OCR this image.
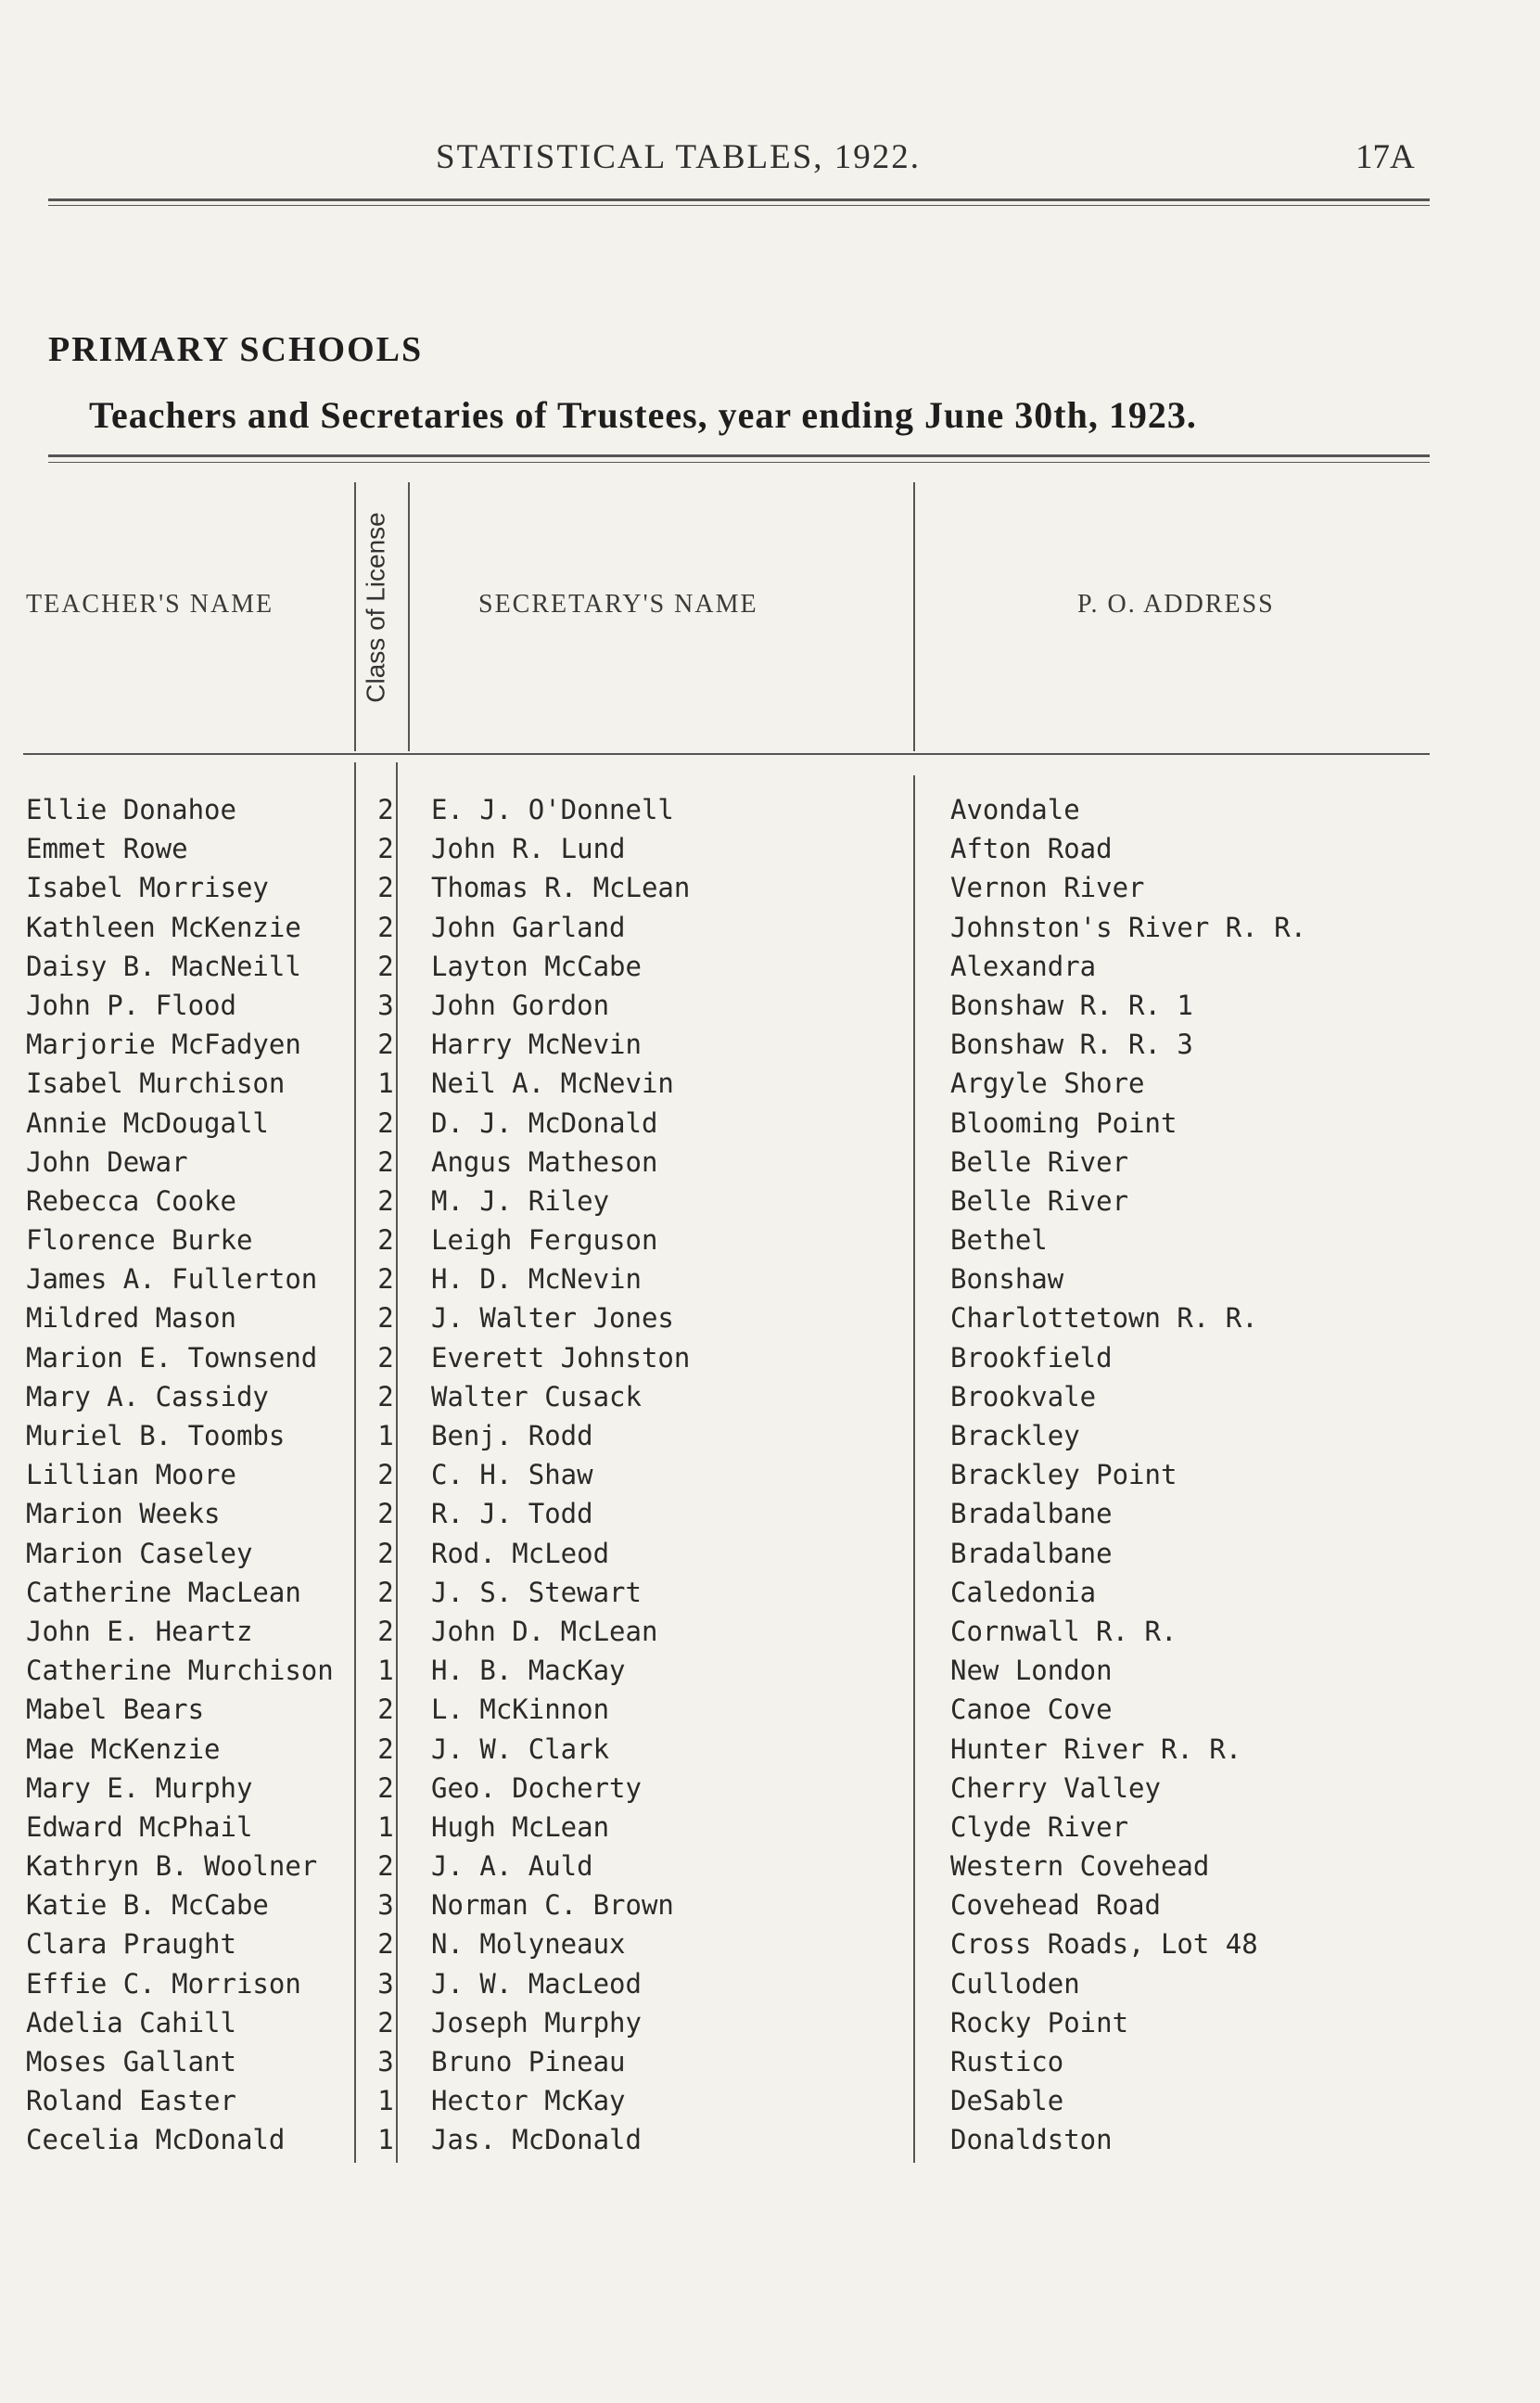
STATISTICAL TABLES, 1922.	17A
PRIMARY SCHOOLS
Teachers and Secretaries of Trustees, year ending June 30th, 1923.
TEACHER'S NAME	Class of License	SECRETARY'S NAME	P. O. ADDRESS
Ellie Donahoe	2	E. J. O'Donnell	Avondale
Emmet Rowe	2	John R. Lund	Afton Road
Isabel Morrisey	2	Thomas R. McLean	Vernon River
Kathleen McKenzie	2	John Garland	Johnston's River R. R.
Daisy B. MacNeill	2	Layton McCabe	Alexandra
John P. Flood	3	John Gordon	Bonshaw R. R. 1
Marjorie McFadyen	2	Harry McNevin	Bonshaw R. R. 3
Isabel Murchison	1	Neil A. McNevin	Argyle Shore
Annie McDougall	2	D. J. McDonald	Blooming Point
John Dewar	2	Angus Matheson	Belle River
Rebecca Cooke	2	M. J. Riley	Belle River
Florence Burke	2	Leigh Ferguson	Bethel
James A. Fullerton	2	H. D. McNevin	Bonshaw
Mildred Mason	2	J. Walter Jones	Charlottetown R. R.
Marion E. Townsend	2	Everett Johnston	Brookfield
Mary A. Cassidy	2	Walter Cusack	Brookvale
Muriel B. Toombs	1	Benj. Rodd	Brackley
Lillian Moore	2	C. H. Shaw	Brackley Point
Marion Weeks	2	R. J. Todd	Bradalbane
Marion Caseley	2	Rod. McLeod	Bradalbane
Catherine MacLean	2	J. S. Stewart	Caledonia
John E. Heartz	2	John D. McLean	Cornwall R. R.
Catherine Murchison	1	H. B. MacKay	New London
Mabel Bears	2	L. McKinnon	Canoe Cove
Mae McKenzie	2	J. W. Clark	Hunter River R. R.
Mary E. Murphy	2	Geo. Docherty	Cherry Valley
Edward McPhail	1	Hugh McLean	Clyde River
Kathryn B. Woolner	2	J. A. Auld	Western Covehead
Katie B. McCabe	3	Norman C. Brown	Covehead Road
Clara Praught	2	N. Molyneaux	Cross Roads, Lot 48
Effie C. Morrison	3	J. W. MacLeod	Culloden
Adelia Cahill	2	Joseph Murphy	Rocky Point
Moses Gallant	3	Bruno Pineau	Rustico
Roland Easter	1	Hector McKay	DeSable
Cecelia McDonald	1	Jas. McDonald	Donaldston
